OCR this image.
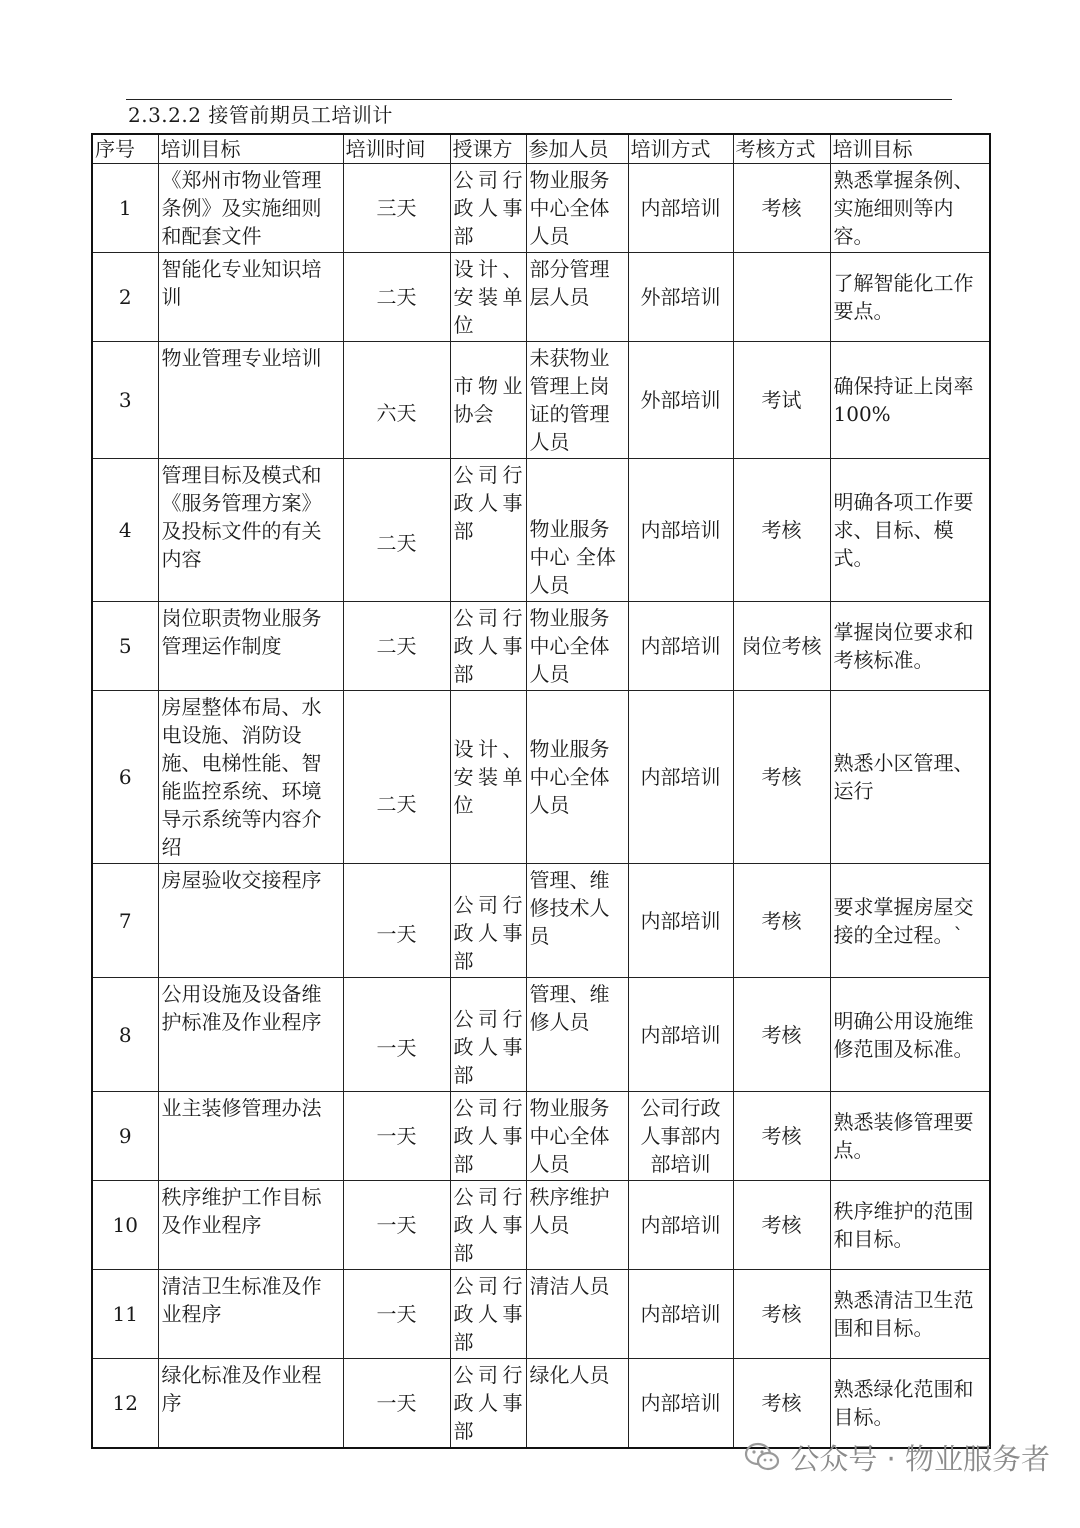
2.3.2.2 接管前期员工培训计
序号	培训目标	培训时间	授课方	参加人员	培训方式	考核方式	培训目标
1	《郑州市物业管理条例》及实施细则和配套文件	三天	公司行政人事部	物业服务中心全体人员	内部培训	考核	熟悉掌握条例、实施细则等内容。
2	智能化专业知识培训	二天	设计、安装单位	部分管理层人员	外部培训		了解智能化工作要点。
3	物业管理专业培训	六天	市物业协会	未获物业管理上岗证的管理人员	外部培训	考试	确保持证上岗率100%
4	管理目标及模式和《服务管理方案》及投标文件的有关内容	二天	公司行政人事部	物业服务中心 全体人员	内部培训	考核	明确各项工作要求、目标、模式。
5	岗位职责物业服务管理运作制度	二天	公司行政人事部	物业服务中心全体人员	内部培训	岗位考核	掌握岗位要求和考核标准。
6	房屋整体布局、水电设施、消防设施、电梯性能、智能监控系统、环境导示系统等内容介绍	二天	设计、安装单位	物业服务中心全体人员	内部培训	考核	熟悉小区管理、运行
7	房屋验收交接程序	一天	公司行政人事部	管理、维修技术人员	内部培训	考核	要求掌握房屋交接的全过程。`
8	公用设施及设备维护标准及作业程序	一天	公司行政人事部	管理、维修人员	内部培训	考核	明确公用设施维修范围及标准。
9	业主装修管理办法	一天	公司行政人事部	物业服务中心全体人员	公司行政人事部内部培训	考核	熟悉装修管理要点。
10	秩序维护工作目标及作业程序	一天	公司行政人事部	秩序维护人员	内部培训	考核	秩序维护的范围和目标。
11	清洁卫生标准及作业程序	一天	公司行政人事部	清洁人员	内部培训	考核	熟悉清洁卫生范围和目标。
12	绿化标准及作业程序	一天	公司行政人事部	绿化人员	内部培训	考核	熟悉绿化范围和目标。
公众号 · 物业服务者
